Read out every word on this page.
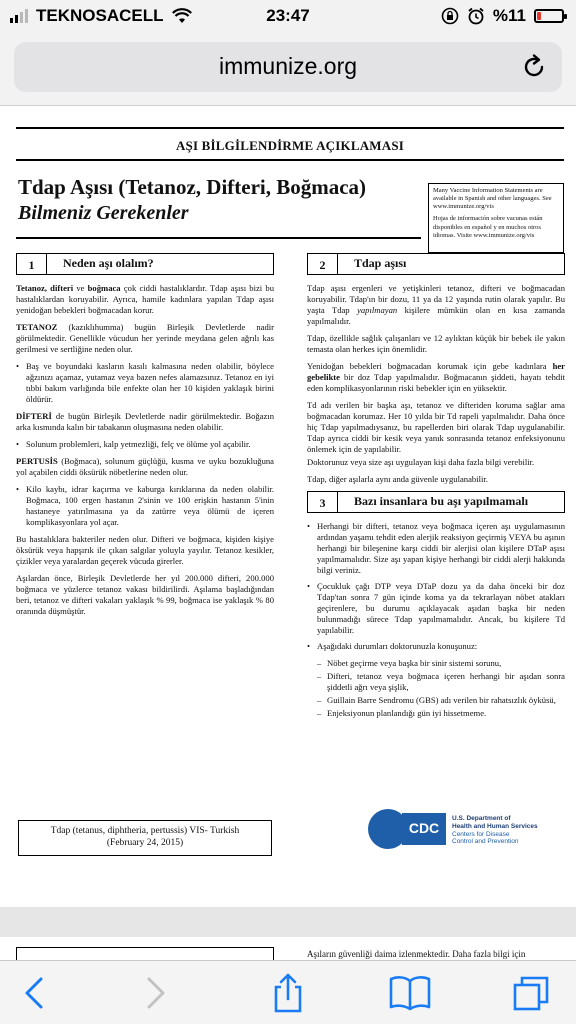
TEKNOSACELL	23:47	%11
immunize.org
AŞI BİLGİLENDİRME AÇIKLAMASI
Tdap Aşısı (Tetanoz, Difteri, Boğmaca)
Bilmeniz Gerekenler

Many Vaccine Information Statements are available in Spanish and other languages. See www.immunize.org/vis

Hojas de información sobre vacunas están disponibles en español y en muchos otros idiomas. Visite www.immunize.org/vis

1	Neden aşı olalım?

Tetanoz, difteri ve boğmaca çok ciddi hastalıklardır. Tdap aşısı bizi bu hastalıklardan koruyabilir. Ayrıca, hamile kadınlara yapılan Tdap aşısı yenidoğan bebekleri boğmacadan korur.

TETANOZ (kazıklıhumma) bugün Birleşik Devletlerde nadir görülmektedir. Genellikle vücudun her yerinde meydana gelen ağrılı kas gerilmesi ve sertliğine neden olur.

• Baş ve boyundaki kasların kasılı kalmasına neden olabilir, böylece ağzınızı açamaz, yutamaz veya bazen nefes alamazsınız. Tetanoz en iyi tıbbi bakım varlığında bile enfekte olan her 10 kişiden yaklaşık birini öldürür.

DİFTERİ de bugün Birleşik Devletlerde nadir görülmektedir. Boğazın arka kısmında kalın bir tabakanın oluşmasına neden olabilir.

• Solunum problemleri, kalp yetmezliği, felç ve ölüme yol açabilir.

PERTUSİS (Boğmaca), solunum güçlüğü, kusma ve uyku bozukluğuna yol açabilen ciddi öksürük nöbetlerine neden olur.

• Kilo kaybı, idrar kaçırma ve kaburga kırıklarına da neden olabilir. Boğmaca, 100 ergen hastanın 2'sinin ve 100 erişkin hastanın 5'inin hastaneye yatırılmasına ya da zatürre veya ölümü de içeren komplikasyonlara yol açar.

Bu hastalıklara bakteriler neden olur. Difteri ve boğmaca, kişiden kişiye öksürük veya hapşırık ile çıkan salgılar yoluyla yayılır. Tetanoz kesikler, çizikler veya yaralardan geçerek vücuda girerler.

Aşılardan önce, Birleşik Devletlerde her yıl 200.000 difteri, 200.000 boğmaca ve yüzlerce tetanoz vakası bildirilirdi. Aşılama başladığından beri, tetanoz ve difteri vakaları yaklaşık % 99, boğmaca ise yaklaşık % 80 oranında düşmüştür.

2	Tdap aşısı

Tdap aşısı ergenleri ve yetişkinleri tetanoz, difteri ve boğmacadan koruyabilir. Tdap'ın bir dozu, 11 ya da 12 yaşında rutin olarak yapılır. Bu yaşta Tdap yapılmayan kişilere mümkün olan en kısa zamanda yapılmalıdır.

Tdap, özellikle sağlık çalışanları ve 12 aylıktan küçük bir bebek ile yakın temasta olan herkes için önemlidir.

Yenidoğan bebekleri boğmacadan korumak için gebe kadınlara her gebelikte bir doz Tdap yapılmalıdır. Boğmacanın şiddeti, hayatı tehdit eden komplikasyonlarının riski bebekler için en yüksektir.

Td adı verilen bir başka aşı, tetanoz ve difteriden koruma sağlar ama boğmacadan korumaz. Her 10 yılda bir Td rapeli yapılmalıdır. Daha önce hiç Tdap yapılmadıysanız, bu rapellerden biri olarak Tdap uygulanabilir. Tdap ayrıca ciddi bir kesik veya yanık sonrasında tetanoz enfeksiyonunu önlemek için de yapılabilir.

Doktorunuz veya size aşı uygulayan kişi daha fazla bilgi verebilir.

Tdap, diğer aşılarla aynı anda güvenle uygulanabilir.

3	Bazı insanlara bu aşı yapılmamalı
• Herhangi bir difteri, tetanoz veya boğmaca içeren aşı uygulamasının ardından yaşamı tehdit eden alerjik reaksiyon geçirmiş VEYA bu aşının herhangi bir bileşenine karşı ciddi bir alerjisi olan kişilere DTaP aşısı yapılmamalıdır. Size aşı yapan kişiye herhangi bir ciddi alerji hakkında bilgi veriniz.
• Çocukluk çağı DTP veya DTaP dozu ya da daha önceki bir doz Tdap'tan sonra 7 gün içinde koma ya da tekrarlayan nöbet atakları geçirenlere, bu durumu açıklayacak aşıdan başka bir neden bulunmadığı sürece Tdap yapılmamalıdır. Ancak, bu kişilere Td yapılabilir.
• Aşağıdaki durumları doktorunuzla konuşunuz:
– Nöbet geçirme veya başka bir sinir sistemi sorunu,
– Difteri, tetanoz veya boğmaca içeren herhangi bir aşıdan sonra şiddetli ağrı veya şişlik,
– Guillain Barre Sendromu (GBS) adı verilen bir rahatsızlık öyküsü,
– Enjeksiyonun planlandığı gün iyi hissetmeme.
Tdap (tetanus, diphtheria, pertussis) VIS- Turkish
(February 24, 2015)
CDC
U.S. Department of
Health and Human Services
Centers for Disease
Control and Prevention
Aşıların güvenliği daima izlenmektedir. Daha fazla bilgi için
